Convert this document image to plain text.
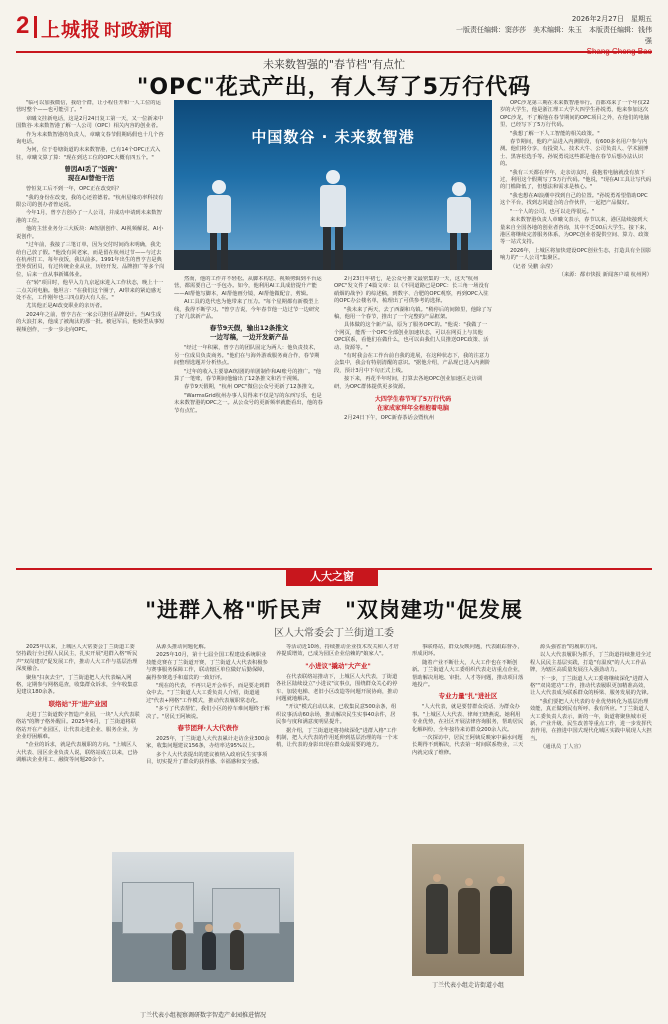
2 上城报 时政新闻
2026年2月27日　星期五
一版责任编辑：窦莎莎　美术编辑：朱玉　本版责任编辑：钱伟强
未来数智强的"春节档"有点忙
"OPC"花式产出，有人写了5万行代码

"临可以加我微信，我给个群，让小程任开和一人工位的运营时整个——也可能引了。"

章曦文挂新电话，这是2月24日复工第一天，又一位新来中国数谷·未来数智港了解一人公司（OPC）相关内容的创业者。

作为未来数智港的负责人，章曦文春节假期码假也十几个咨询电话。

为何，位于卷塘街道的未来数智港，已有14个OPC正式入驻，章曦文算了算："现在到达工位的OPC大概有四五个。"

曾因AI丢了"饭碗"
现在AI替他干活

曾恒复工后不到一年，OPC正在改变吗？

"我的身份在改变，我的心还着德着。"杭州星缘功率科技有限公司的创办者曾运说。

今年1月，曾亨吉创办了一人公司，并成功申请到未来数智港的工位。

他的主营业务分三大板块：AI短剧创作、AI视频解说、AI小说创作。

"过年前，我接了三笔订单，因为交付时间尚未明确，我先给自己放了假。"他没有回老家，而是留在杭州过节——与过去在杭州打工、每年夜饭，我以前多。1991年出生的曾亨吉是典型外贸团员，有过传统企业从业，历经开发、品牌推广等多个岗位，后来一直从事新媒体业。

在"转"项目时，他早入力九京起床进入工作状态，晚上十一二点关闭电脑。他坦言："在我们这个圈子，AI带来的紧迫感无处不在，工作刚年也三四点的大有人在。"

尤其他正是AI改变职业的亲历者。

2024年之前，曾亨吉在一家公司担任品牌设计。当AI生成的大浪打来，他成了被淘汰的那一批。被冠军后，他转型从事短视频创作，一步一步走向OPC。

中国数谷 · 未来数智港

然而，他的工作并不轻松。从脚本构思、视频剪辑到平台运营，都需要自己一手包办。如今，他利用AI工具成倍提升产能——AI帮他写脚本，AI帮他画分镜，AI帮他做配音，剪辑。

AI工具的迭代也为他带来了压力。"每个星期都有新模型上线，我得不断学习。"曾亨吉说，今年春节他一边过节一边研究了好几款新产品。

春节9天假，输出12条推文
一边写稿，一边开发新产品

"经过一年积累，曾亨吉的团队固定为两人：他负责技术，另一位成员负责商务。"他们在与海外游戏服务商合作，春节期间整理选题并分析热点。

"过年的收入主要靠AI短剧的单剧制作和AI账号的推广。"他算了一笔账，春节期间他输出了12条推文和若干视频。

春节9天假期，"杭州 OPC"微信公众号更新了12条推文。

"WarmsGrid杭州办事人员得来不仅是写的东西写乐，也是未来数智港的OPC之一。从公众号的更新频率就能看出，他的春节有点忙。

2月23日年初七，是公众号推文最密集的一天，这天"杭州OPC"发文件了4篇文章：以《不同道路已是OPC：长三角一场没有硝烟的战争》的综述稿，到数字、合肥的OPC观察，再到OPC入驻的OPC办公楼名单，梳理出了可供参考的选择。

"我未来了两天，去了西湖和乌镇。"稍停后的间隙里，他除了写稿，他用一个春节，推出了一个完整的产品框架。

具体做的这个新产品，原为了服务OPC的。"他说："我做了一个网页，能帮一个OPC全部创业加速状态，可以在网页上与其他OPC联系，看他们在做什么，也可以由我们人员推送OPC政策、活动、资源等。"

"有时我会在工作台前自我的进展，在这种状态下，我的注意力会集中，我会有特别清醒的意识。"据他介绍，产品现已进入内测阶段，预计3月中下旬正式上线。

接下来，再花半年时间，打算去各地OPC创业加速区走访调研，为OPC群体提供更多资源。

大四学生春节写了5万行代码
在家成家拜年全程抱着电脑

2月24日下午，OPC新春茶话会暨杭州

OPC沙龙第三期在未来数智港举行。首都邓来了一个年仅22岁的大学生，他是浙江理工大学大四学生孙锐勇，他来参加这次OPC沙龙，不了解他在春节期间的OPC项目之外，在他们的电脑里，已经写下了5万行代码。

"我想了解一下人工智能的相关政策。"

春节期间，他的产品进入内测阶段，有600多名用户参与内测。他们将分享，有投资人、技术大牛、公司负责人、学术圈博士、黑客松选手等。孙锐勇说这些都是他在春节后想办法认识的。

"我有三天都在拜年，走亲访友时，我抱着电脑就没有放下过，利用这个假期写了5万行代码。"他说，"现在AI工具让写代码的门槛降低了，但想法和需求是核心。"

"我也想在AI浪潮中找到自己的位置。"孙锐勇希望借助OPC这个平台，找到志同道合的合作伙伴，一起把产品做好。

"一个人的公司，也可以走得很远。"

来未数智港负责人章曦文表示，春节以来，港区陆续接到大量来自全国各地的创业者咨询，其中不乏00后大学生。接下来，港区将继续完善服务体系，为OPC创业者提供空间、算力、政策等一站式支持。

2026年，上城区将加快建设OPC创业生态，打造具有全国影响力的"一人公司"集聚区。

（记者 吴鹏 余滢）

（来源：都市快报 新闻客户端 杭州网）
人大之窗
"进群入格"听民声　"双岗建功"促发展
区人大常委会丁兰街道工委

2025年以来，上城区人大常委会丁兰街道工委坚持践行全过程人民民主，扎实开展"进群入格"听民声"双岗建功"促发展工作，推动人大工作与基层治理深度融合。

聚焦"扫灰去尘"，丁兰街道把人大代表编入网格，定期参与网格巡查，收集群众诉求，全年收集意见建议180余条。

联络站"开"进产业园

走进丁兰街道数字智造产业园，一块"人大代表联络站"的牌子格外醒目。2025年6月，丁兰街道将联络站开在产业园区，让代表走进企业、服务企业，为企业纾困解难。

"企业的诉求，就是代表履职的方向。"上城区人大代表、园区企业负责人说，联络站成立以来，已协调解决企业用工、融资等问题20余个。

从源头推动问题化解。

2025年10月，第十七届全国工程建设系统职业技能竞赛在丁兰街道开赛，丁兰街道人大代表积极参与赛事服务保障工作，联动辖区单位做好后勤保障，赢得参赛选手和嘉宾的一致好评。

"现在的代表，不再只是开会举手，而是要走到群众中去。"丁兰街道人大工委负责人介绍，街道通过"代表+网格"工作模式，推动代表履职常态化。

"多亏了代表帮忙，我们小区的停车难问题终于解决了。"居民王阿姨说。

春节团拜·人大代表作

2025年，丁兰街道人大代表累计走访企业300余家，收集问题建议156条，办结率达95%以上。

多个人大代表提出的建议被纳入政府民生实事项目，切实提升了群众的获得感、幸福感和安全感。

等活动近10场，持续推动企业技术攻关和人才培养提质增效，已成为园区企业信赖的"娘家人"。

"小进议"撬动"大产业"

在代表联络站推动下，上城区人大代表，丁街道各社区陆续设立"小进议"议事点，围绕群众关心的停车、加装电梯、老旧小区改造等问题开展协商，推动问题就地解决。

"开议"模式启动以来，已收集民意500余条，组织议事活动60余场，推动解决民生实事40余件，居民参与度和满意度明显提升。

据介绍，丁兰街道还将持续深化"进群入格"工作机制，把人大代表的作用延伸到基层治理的每一个末梢，让代表的身影出现在群众最需要的地方。

事联络站，群众反映问题，代表跟踪督办，形成闭环。

随着产业不断壮大，人大工作也在不断创新。丁兰街道人大工委组织代表走访重点企业，帮助解决用地、审批、人才等问题，推动项目落地投产。

专业力量"扎"进社区

"人大代表，就是要替群众说话、为群众办事。"上城区人大代表、律师王晓燕说。她利用专业优势，在社区开展法律咨询服务，帮助居民化解纠纷，全年接待来访群众200余人次。

一次探访中，居民王阿姨反映家中漏水问题长期得不到解决，代表第一时间联系物业，三天内就完成了维修。

源头强省治"的履职方向。

以人大代表履职为抓手，丁兰街道持续推进全过程人民民主基层实践，打造"有温度"的人大工作品牌，为辖区高质量发展注入强劲动力。

下一步，丁兰街道人大工委将继续深化"进群入格""双岗建功"工作，推动代表履职更加精准高效，让人大代表成为联系群众的桥梁、服务发展的先锋。

"我们要把人大代表的专业优势转化为基层治理效能，真正做到民有所呼、我有所应。"丁兰街道人大工委负责人表示，新的一年，街道将聚焦城市更新、产业升级、民生改善等重点工作，进一步发挥代表作用，在推进中国式现代化城区实践中展现人大担当。

（通讯员 丁人宣）

丁兰代表小组走访街道小组
丁兰代表小组视察调研数字智造产业园推进情况
